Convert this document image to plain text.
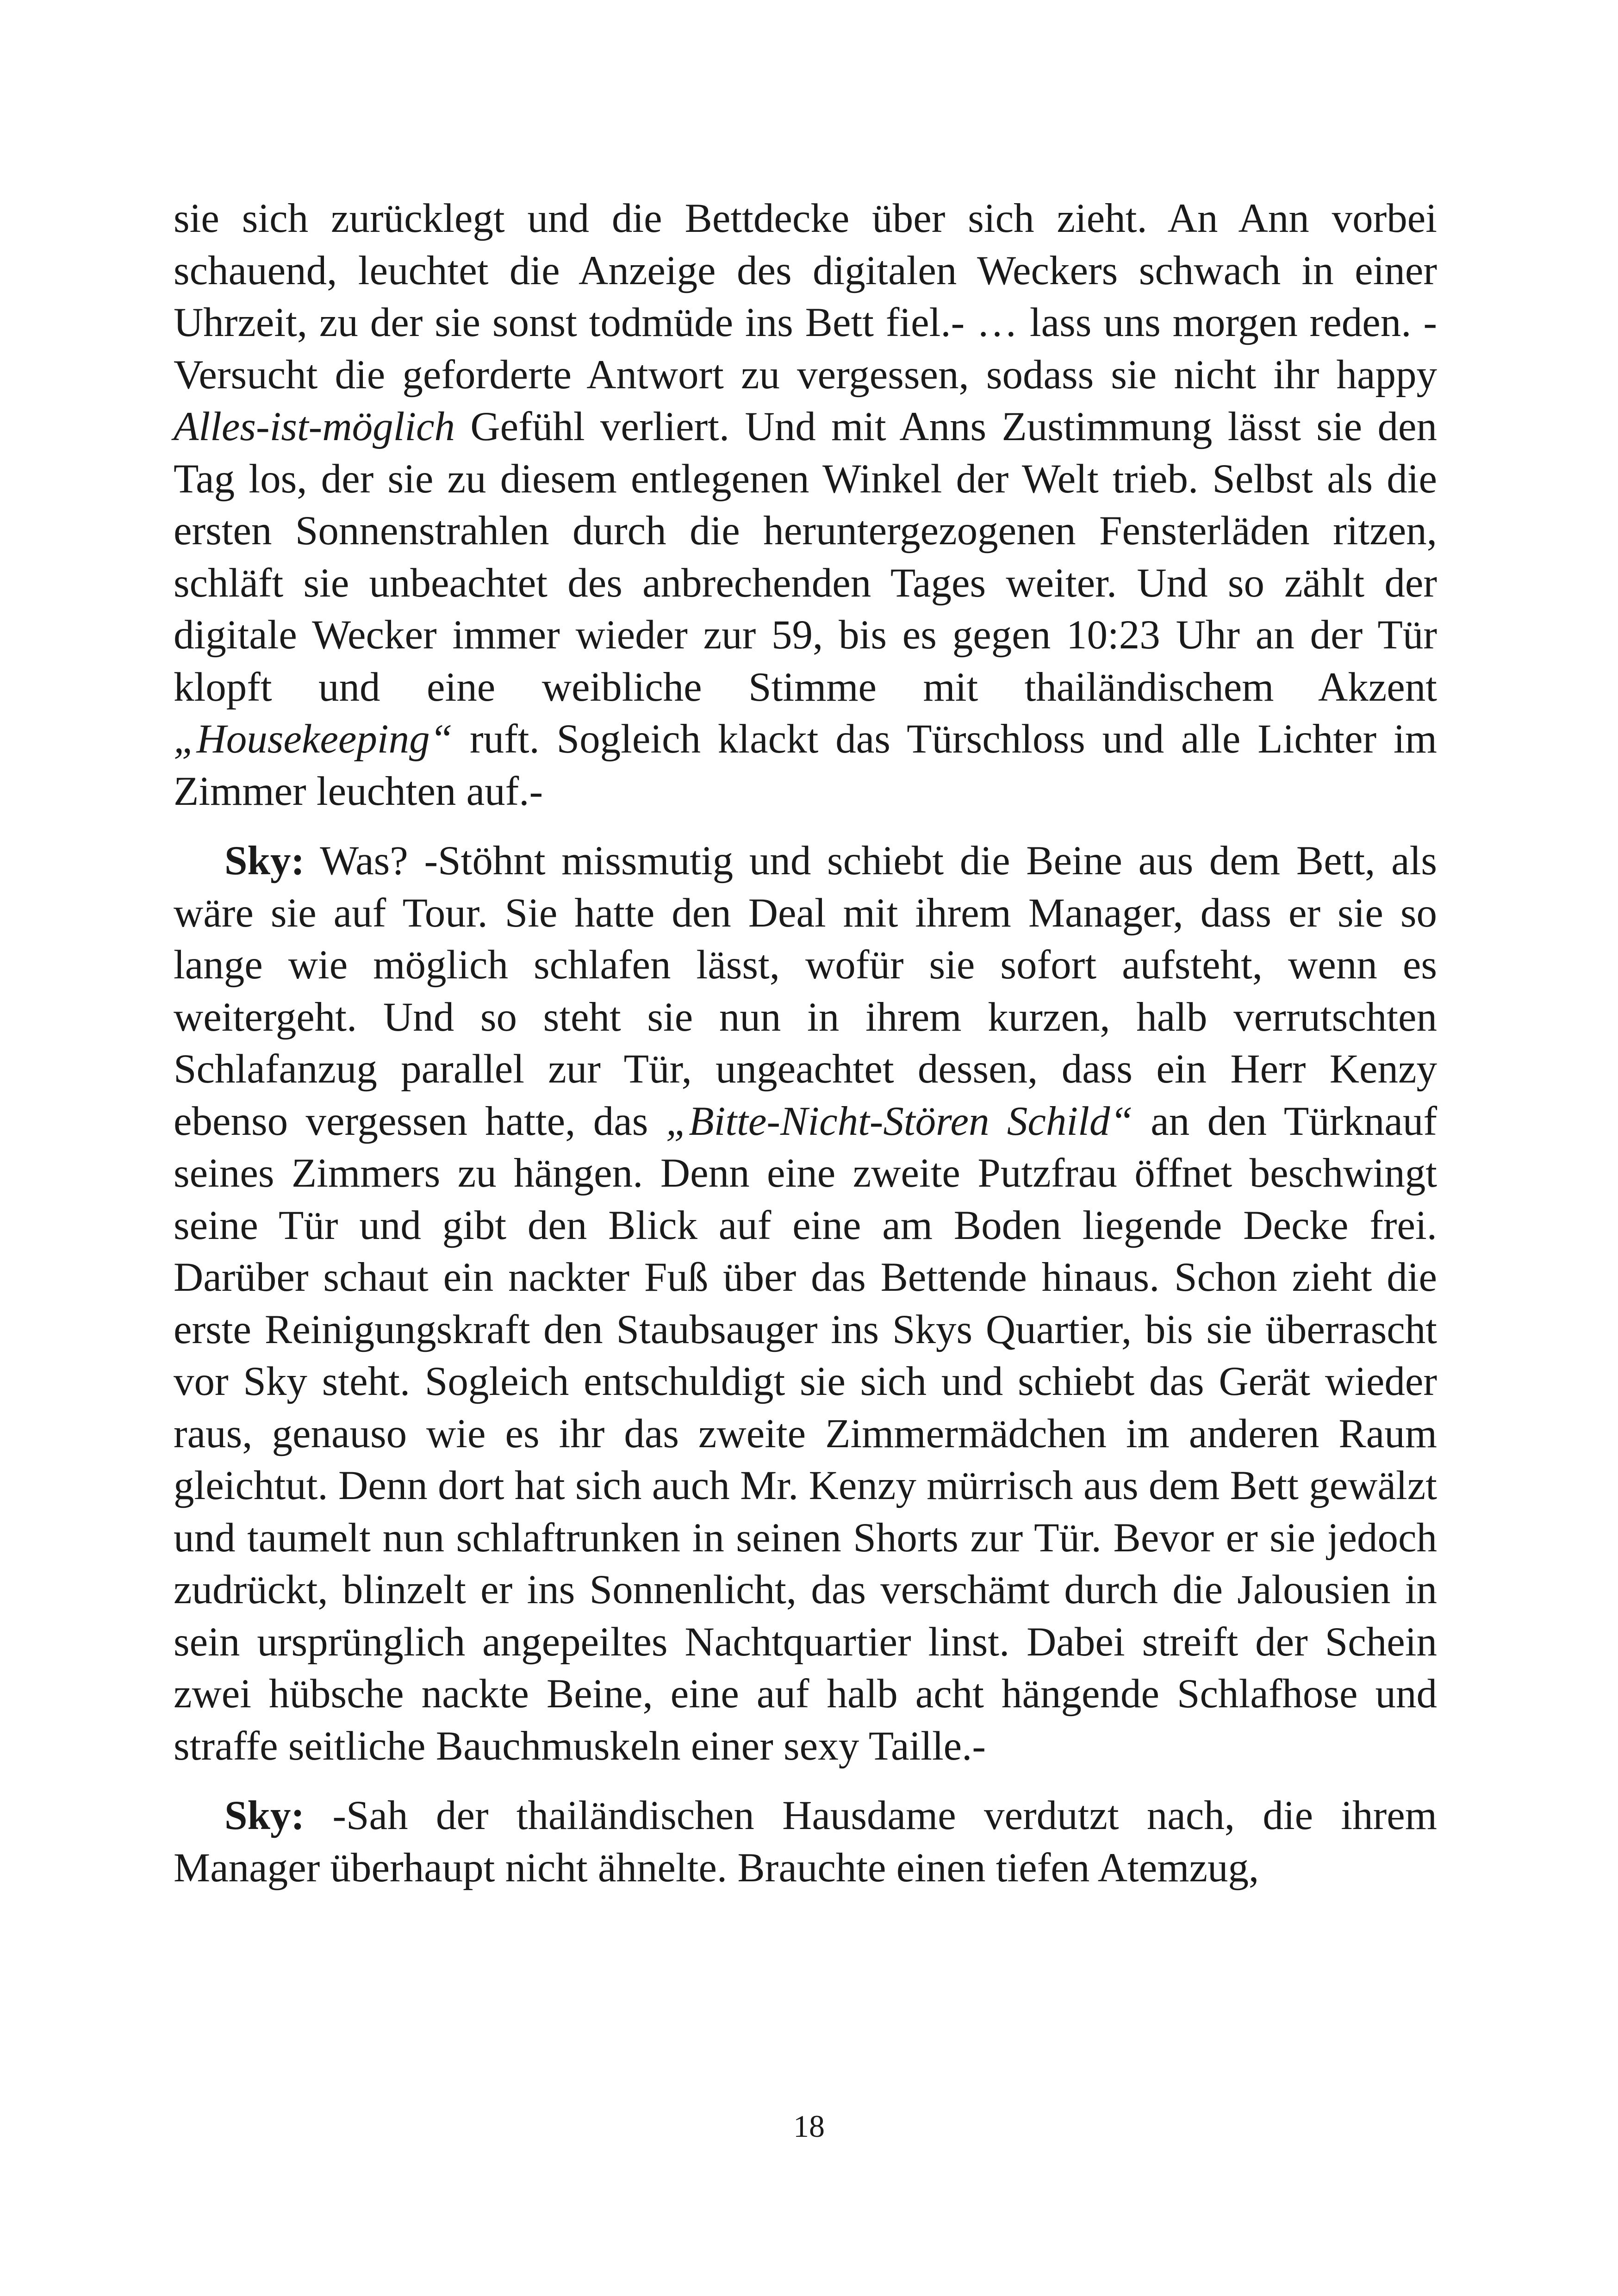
sie sich zurücklegt und die Bettdecke über sich zieht. An Ann vorbei schauend, leuchtet die Anzeige des digitalen Weckers schwach in einer Uhrzeit, zu der sie sonst todmüde ins Bett fiel.- … lass uns morgen reden. -Versucht die geforderte Antwort zu vergessen, sodass sie nicht ihr happy Alles-ist-möglich Gefühl verliert. Und mit Anns Zustimmung lässt sie den Tag los, der sie zu diesem entlegenen Winkel der Welt trieb. Selbst als die ersten Sonnenstrahlen durch die heruntergezogenen Fensterläden ritzen, schläft sie unbeachtet des anbrechenden Tages weiter. Und so zählt der digitale Wecker immer wieder zur 59, bis es gegen 10:23 Uhr an der Tür klopft und eine weibliche Stimme mit thailändischem Akzent „Housekeeping“ ruft. Sogleich klackt das Türschloss und alle Lichter im Zimmer leuchten auf.-

Sky: Was? -Stöhnt missmutig und schiebt die Beine aus dem Bett, als wäre sie auf Tour. Sie hatte den Deal mit ihrem Manager, dass er sie so lange wie möglich schlafen lässt, wofür sie sofort aufsteht, wenn es weitergeht. Und so steht sie nun in ihrem kurzen, halb verrutschten Schlafanzug parallel zur Tür, ungeachtet dessen, dass ein Herr Kenzy ebenso vergessen hatte, das „Bitte-Nicht-Stören Schild“ an den Türknauf seines Zimmers zu hängen. Denn eine zweite Putzfrau öffnet beschwingt seine Tür und gibt den Blick auf eine am Boden liegende Decke frei. Darüber schaut ein nackter Fuß über das Bettende hinaus. Schon zieht die erste Reinigungskraft den Staubsauger ins Skys Quartier, bis sie überrascht vor Sky steht. Sogleich entschuldigt sie sich und schiebt das Gerät wieder raus, genauso wie es ihr das zweite Zimmermädchen im anderen Raum gleichtut. Denn dort hat sich auch Mr. Kenzy mürrisch aus dem Bett gewälzt und taumelt nun schlaftrunken in seinen Shorts zur Tür. Bevor er sie jedoch zudrückt, blinzelt er ins Sonnenlicht, das verschämt durch die Jalousien in sein ursprünglich angepeiltes Nachtquartier linst. Dabei streift der Schein zwei hübsche nackte Beine, eine auf halb acht hängende Schlafhose und straffe seitliche Bauchmuskeln einer sexy Taille.-

Sky: -Sah der thailändischen Hausdame verdutzt nach, die ihrem Manager überhaupt nicht ähnelte. Brauchte einen tiefen Atemzug,

18
